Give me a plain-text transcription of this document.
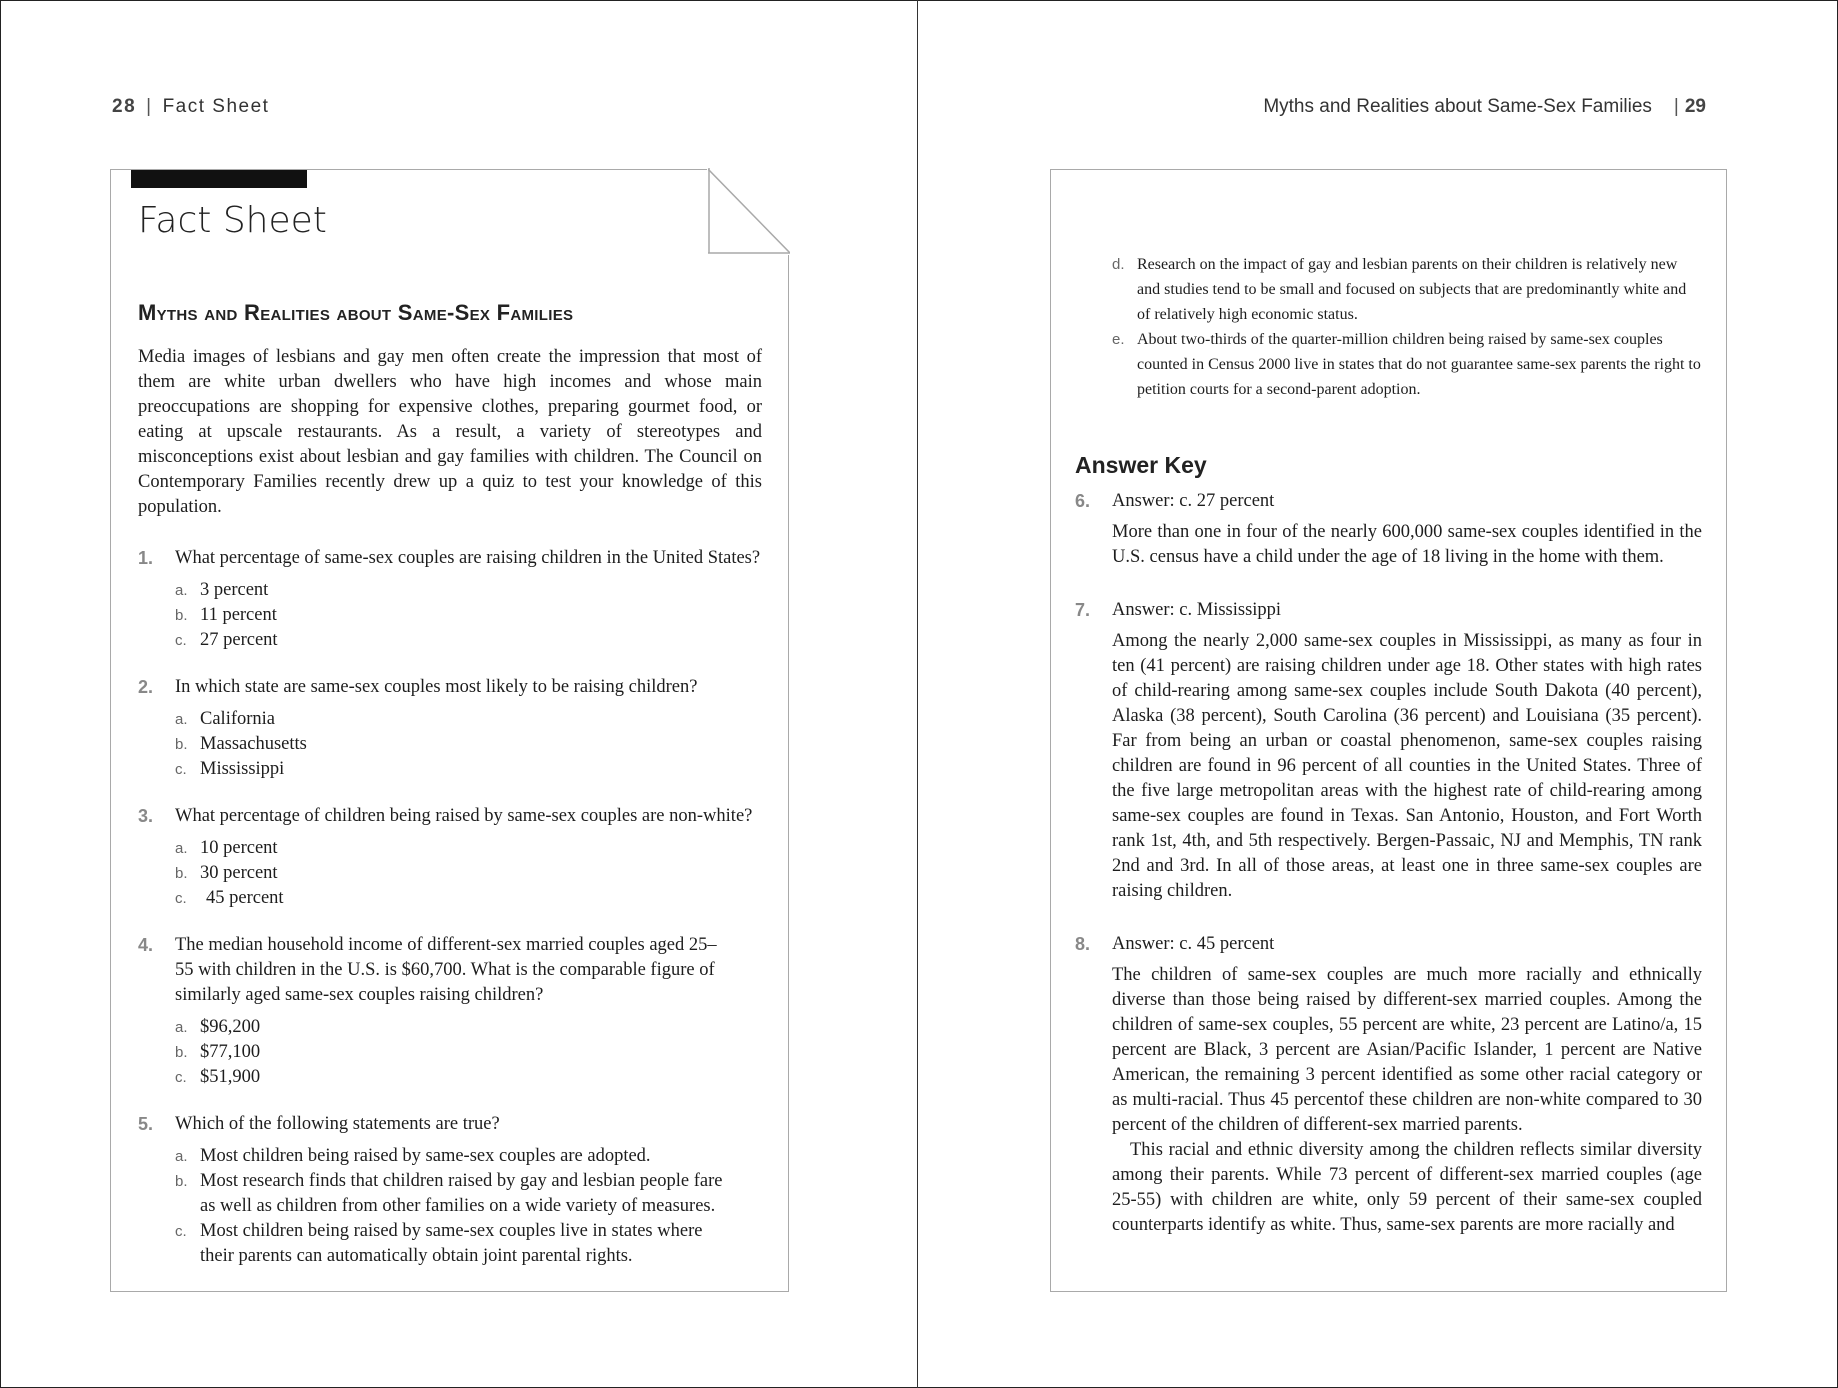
28 | Fact Sheet
Fact Sheet
Myths and Realities about Same-Sex Families

Media images of lesbians and gay men often create the impression that most of them are white urban dwellers who have high incomes and whose main preoccupations are shopping for expensive clothes, preparing gourmet food, or eating at upscale restaurants. As a result, a variety of stereotypes and misconceptions exist about lesbian and gay families with children. The Council on Contemporary Families recently drew up a quiz to test your knowledge of this population.

1. What percentage of same-sex couples are raising children in the United States?
a. 3 percent
b. 11 percent
c. 27 percent
2. In which state are same-sex couples most likely to be raising children?
a. California
b. Massachusetts
c. Mississippi
3. What percentage of children being raised by same-sex couples are non-white?
a. 10 percent
b. 30 percent
c. 45 percent
4. The median household income of different-sex married couples aged 25–55 with children in the U.S. is $60,700. What is the comparable figure of similarly aged same-sex couples raising children?
a. $96,200
b. $77,100
c. $51,900
5. Which of the following statements are true?
a. Most children being raised by same-sex couples are adopted.
b. Most research finds that children raised by gay and lesbian people fare as well as children from other families on a wide variety of measures.
c. Most children being raised by same-sex couples live in states where their parents can automatically obtain joint parental rights.
Myths and Realities about Same-Sex Families | 29
d. Research on the impact of gay and lesbian parents on their children is relatively new and studies tend to be small and focused on subjects that are predominantly white and of relatively high economic status.
e. About two-thirds of the quarter-million children being raised by same-sex couples counted in Census 2000 live in states that do not guarantee same-sex parents the right to petition courts for a second-parent adoption.
Answer Key
6. Answer: c. 27 percent

More than one in four of the nearly 600,000 same-sex couples identified in the U.S. census have a child under the age of 18 living in the home with them.

7. Answer: c. Mississippi

Among the nearly 2,000 same-sex couples in Mississippi, as many as four in ten (41 percent) are raising children under age 18. Other states with high rates of child-rearing among same-sex couples include South Dakota (40 percent), Alaska (38 percent), South Carolina (36 percent) and Louisiana (35 percent). Far from being an urban or coastal phenomenon, same-sex couples raising children are found in 96 percent of all counties in the United States. Three of the five large metropolitan areas with the highest rate of child-rearing among same-sex couples are found in Texas. San Antonio, Houston, and Fort Worth rank 1st, 4th, and 5th respectively. Bergen-Passaic, NJ and Memphis, TN rank 2nd and 3rd. In all of those areas, at least one in three same-sex couples are raising children.

8. Answer: c. 45 percent

The children of same-sex couples are much more racially and ethnically diverse than those being raised by different-sex married couples. Among the children of same-sex couples, 55 percent are white, 23 percent are Latino/a, 15 percent are Black, 3 percent are Asian/Pacific Islander, 1 percent are Native American, the remaining 3 percent identified as some other racial category or as multi-racial. Thus 45 percentof these children are non-white compared to 30 percent of the children of different-sex married parents.

This racial and ethnic diversity among the children reflects similar diversity among their parents. While 73 percent of different-sex married couples (age 25-55) with children are white, only 59 percent of their same-sex coupled counterparts identify as white. Thus, same-sex parents are more racially and
